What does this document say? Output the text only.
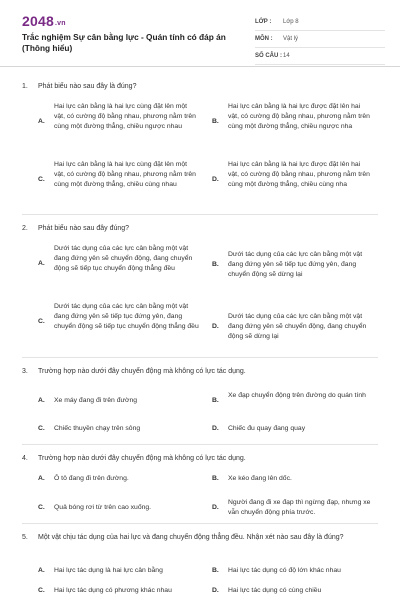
2048.vn
Trắc nghiệm Sự cân bằng lực - Quán tính có đáp án (Thông hiểu)
LỚP :	Lớp 8
MÔN :	Vật lý
SỐ CÂU : 14
1. Phát biểu nào sau đây là đúng?
A.
Hai lực cân bằng là hai lực cùng đặt lên một vật, có cường độ bằng nhau, phương nằm trên cùng một đường thẳng, chiều ngược nhau
B.
Hai lực cân bằng là hai lực được đặt lên hai vật, có cường độ bằng nhau, phương nằm trên cùng một đường thẳng, chiều ngược nha
C.
Hai lực cân bằng là hai lực cùng đặt lên một vật, có cường độ bằng nhau, phương nằm trên cùng một đường thẳng, chiều cùng nhau
D.
Hai lực cân bằng là hai lực được đặt lên hai vật, có cường độ bằng nhau, phương nằm trên cùng một đường thẳng, chiều cùng nha
2. Phát biểu nào sau đây đúng?
A.
Dưới tác dụng của các lực cân bằng một vật đang đứng yên sẽ chuyển động, đang chuyển động sẽ tiếp tục chuyển động thẳng đều
B.
Dưới tác dụng của các lực cân bằng một vật đang đứng yên sẽ tiếp tục đứng yên, đang chuyển động sẽ dừng lại
C.
Dưới tác dụng của các lực cân bằng một vật đang đứng yên sẽ tiếp tục đứng yên, đang chuyển động sẽ tiếp tục chuyển động thẳng đều D.
Dưới tác dụng của các lực cân bằng một vật đang đứng yên sẽ chuyển động, đang chuyển động sẽ dừng lại
3. Trường hợp nào dưới đây chuyển động mà không có lực tác dụng.
A.	Xe máy đang đi trên đường	B.
Xe đạp chuyển động trên đường do quán tính
C.	Chiếc thuyền chạy trên sông	D.	Chiếc đu quay đang quay
4. Trường hợp nào dưới đây chuyển động mà không có lực tác dụng.
A.	Ô tô đang đi trên đường.	B.	Xe kéo đang lên dốc.
C.	Quả bóng rơi từ trên cao xuống.	D.
Người đang đi xe đạp thì ngừng đạp, nhưng xe vẫn chuyển động phía trước.
5. Một vật chịu tác dụng của hai lực và đang chuyển động thẳng đều. Nhận xét nào sau đây là đúng?
A.	Hai lực tác dụng là hai lực cân bằng	B.	Hai lực tác dụng có độ lớn khác nhau
C.	Hai lực tác dụng có phương khác nhau	D.	Hai lực tác dụng có cùng chiều
